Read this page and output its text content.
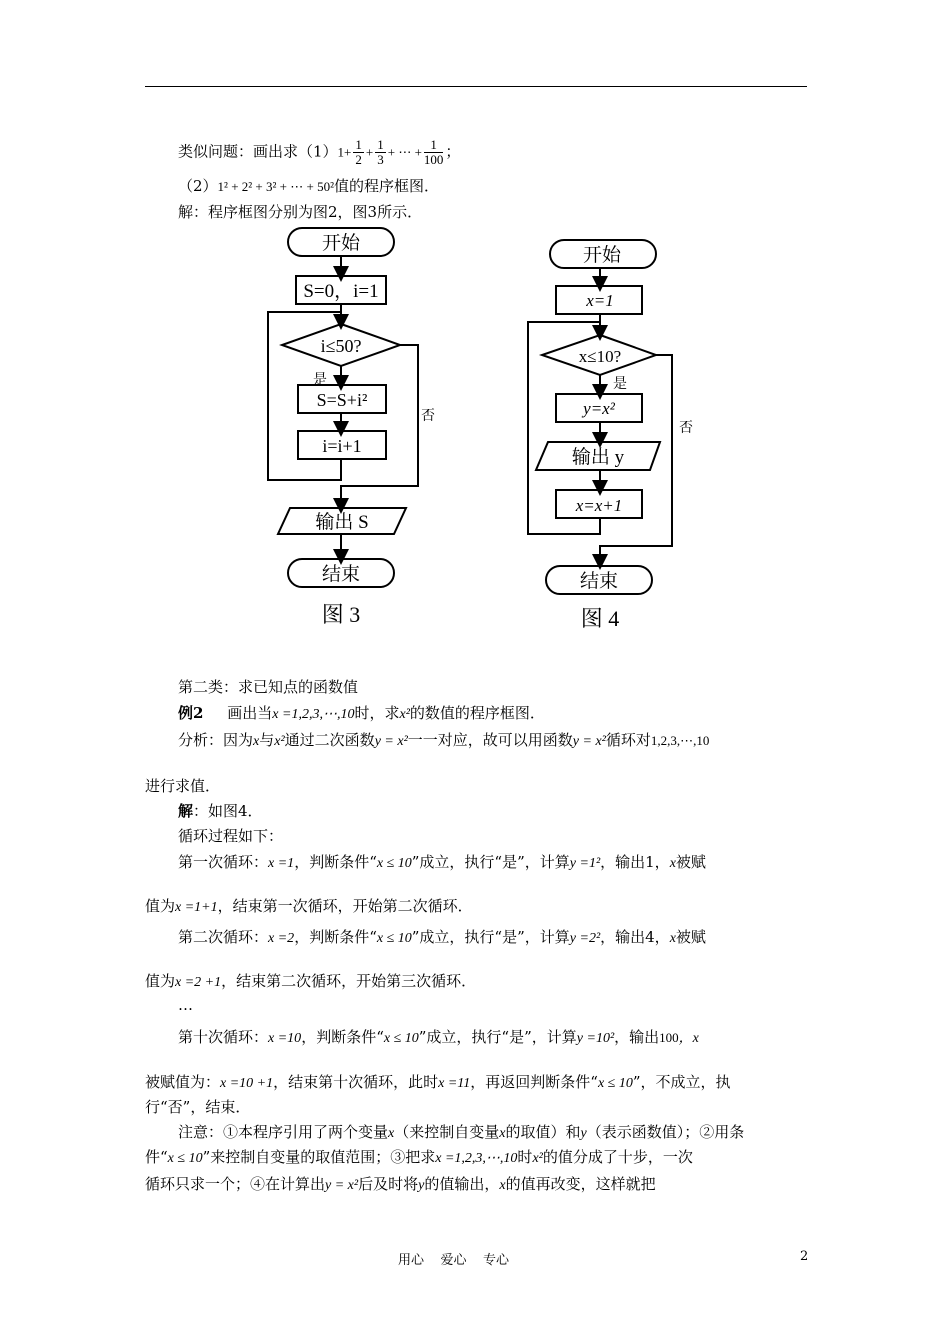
类似问题：画出求$(1)1+ \frac{1}{2} + \frac{1}{3}$ + ⋯ + $\frac{1}{100}$ ；
（2）1² + 2² + 3² + ⋯ + 50²值的程序框图．
解：程序框图分别为图2，图3所示．
开始
S=0，i=1
i≤50?
是
否
S=S+i²
i=i+1
输出 S
结束
图 3
开始
x=1
x≤10?
是
否
y=x²
输出 y
x=x+1
结束
图 4
第二类：求已知点的函数值
例2 画出当x =1,2,3,⋯,10时，求x²的数值的程序框图．
分析：因为x与x²通过二次函数y = x²一一对应，故可以用函数y = x²循环对1,2,3,⋯,10
进行求值．
解：如图4．
循环过程如下：
第一次循环：x =1，判断条件“x ≤ 10”成立，执行“是”，计算y =1²，输出1，x被赋
值为x =1+1，结束第一次循环，开始第二次循环．
第二次循环：x =2，判断条件“x ≤ 10”成立，执行“是”，计算y =2²，输出4，x被赋
值为x =2 +1，结束第二次循环，开始第三次循环．
…
第十次循环：x =10，判断条件“x ≤ 10”成立，执行“是”，计算y =10²，输出100，x
被赋值为：x =10 +1，结束第十次循环，此时x =11，再返回判断条件“x ≤ 10”，不成立，执
行“否”，结束．
注意：①本程序引用了两个变量x（来控制自变量x的取值）和y（表示函数值）；②用条
件“x ≤ 10”来控制自变量的取值范围；③把求x =1,2,3,⋯,10时x²的值分成了十步，一次
循环只求一个；④在计算出y = x²后及时将y的值输出，x的值再改变，这样就把
用心    爱心    专心	2
